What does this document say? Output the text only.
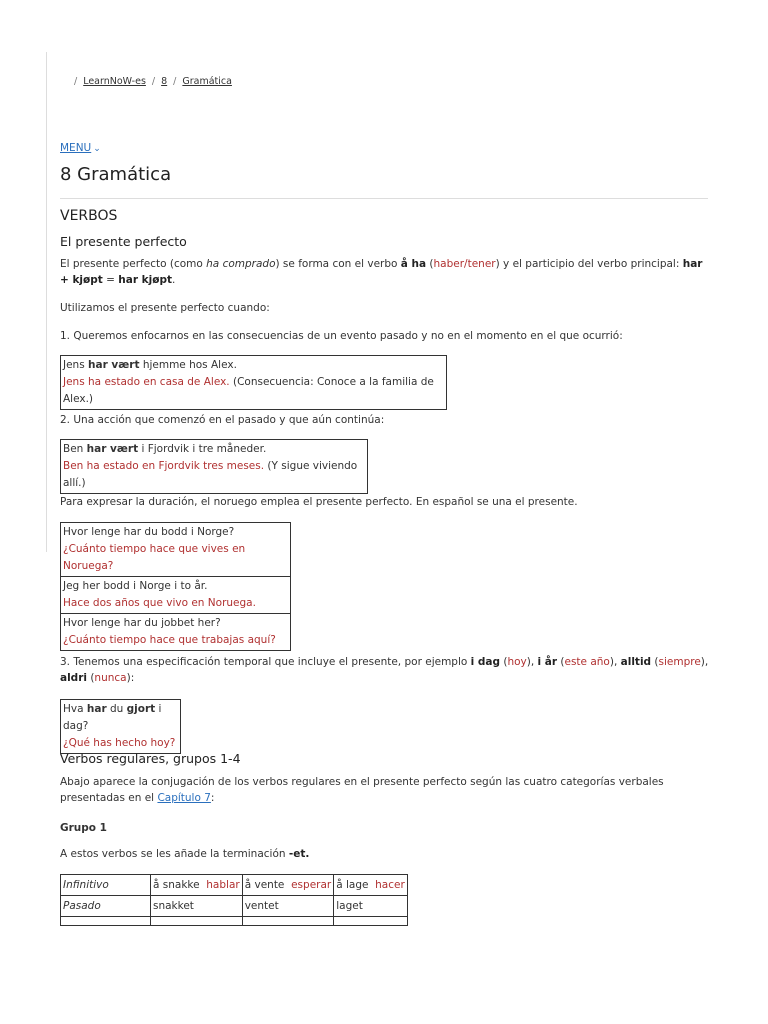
/ LearnNoW-es / 8 / Gramática
MENU ⌄
8 Gramática
VERBOS
El presente perfecto

El presente perfecto (como ha comprado) se forma con el verbo å ha (haber/tener) y el participio del verbo principal: har + kjøpt = har kjøpt.

Utilizamos el presente perfecto cuando:

1. Queremos enfocarnos en las consecuencias de un evento pasado y no en el momento en el que ocurrió:

Jens har vært hjemme hos Alex.
Jens ha estado en casa de Alex. (Consecuencia: Conoce a la familia de Alex.)

2. Una acción que comenzó en el pasado y que aún continúa:

Ben har vært i Fjordvik i tre måneder.
Ben ha estado en Fjordvik tres meses. (Y sigue viviendo allí.)

Para expresar la duración, el noruego emplea el presente perfecto. En español se una el presente.

Hvor lenge har du bodd i Norge?
¿Cuánto tiempo hace que vives en Noruega?

Jeg her bodd i Norge i to år.
Hace dos años que vivo en Noruega.

Hvor lenge har du jobbet her?
¿Cuánto tiempo hace que trabajas aquí?

3. Tenemos una especificación temporal que incluye el presente, por ejemplo i dag (hoy), i år (este año), alltid (siempre), aldri (nunca):

Hva har du gjort i dag?
¿Qué has hecho hoy?
Verbos regulares, grupos 1-4

Abajo aparece la conjugación de los verbos regulares en el presente perfecto según las cuatro categorías verbales presentadas en el Capítulo 7:

Grupo 1

A estos verbos se les añade la terminación -et.

Infinitivo	å snakke hablar	å vente esperar	å lage hacer
Pasado	snakket	ventet	laget
